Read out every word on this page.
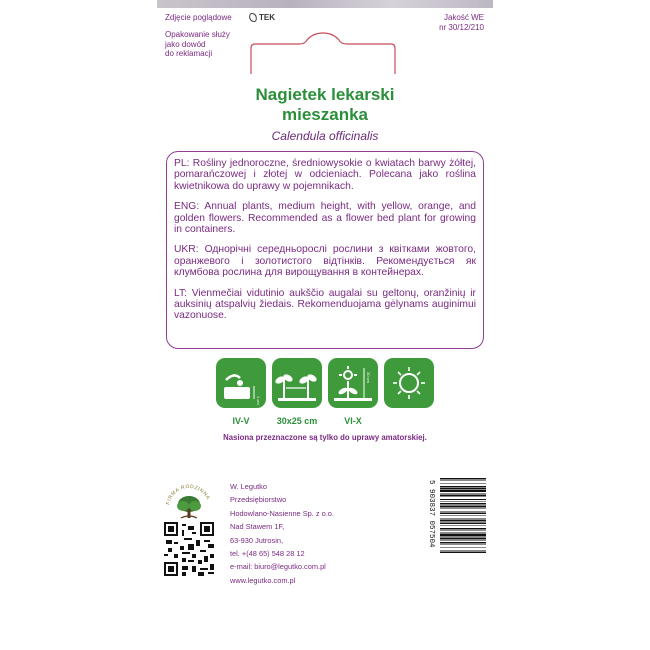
Zdjęcie poglądowe	TEK	Jakość WE
nr 30/12/210
Opakowanie służy
jako dowód
do reklamacji
Nagietek lekarski
mieszanka
Calendula officinalis

PL: Rośliny jednoroczne, średniowysokie o kwiatach barwy żółtej, pomarańczowej i złotej w odcieniach. Polecana jako roślina kwietnikowa do uprawy w pojemnikach.

ENG: Annual plants, medium height, with yellow, orange, and golden flowers. Recommended as a flower bed plant for growing in containers.

UKR: Однорічні середньорослі рослини з квітками жовтого, оранжевого і золотистого відтінків. Рекомендується як клумбова рослина для вирощування в контейнерах.

LT: Vienmečiai vidutinio aukščio augalai su geltonų, oranžinių ir auksinių atspalvių žiedais. Rekomenduojama gėlynams auginimui vazonuose.

1 cm
30 cm
IV-V	30x25 cm	VI-X
Nasiona przeznaczone są tylko do uprawy amatorskiej.
FIRMA RODZINNA
W. Legutko
Przedsiębiorstwo
Hodowlano-Nasienne Sp. z o.o.
Nad Stawem 1F,
63-930 Jutrosin,
tel. +(48 65) 548 28 12
e-mail: biuro@legutko.com.pl
www.legutko.com.pl
5 903837 057504
